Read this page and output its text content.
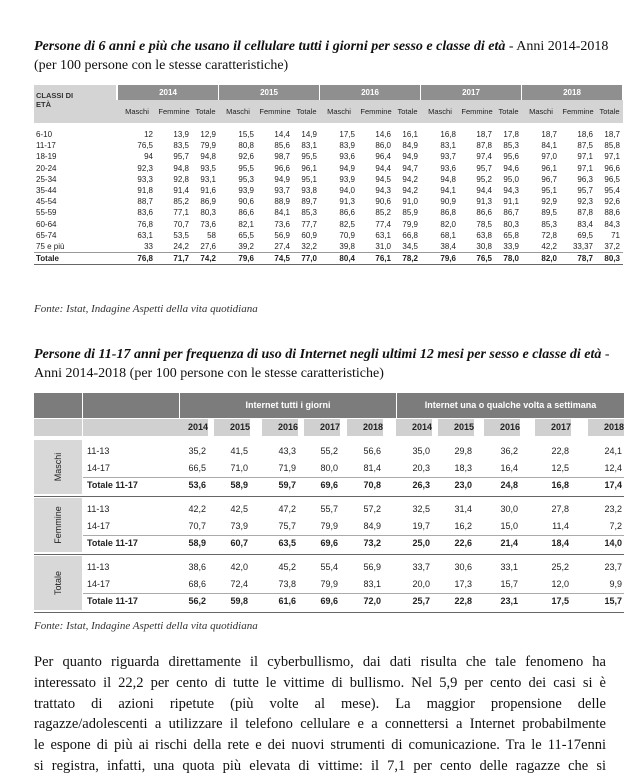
Persone di 6 anni e più che usano il cellulare tutti i giorni per sesso e classe di età - Anni 2014-2018 (per 100 persone con le stesse caratteristiche)
CLASSI DI ETÀ
2014
Maschi	Femmine Totale
2015
Maschi	Femmine Totale
2016
Maschi	Femmine Totale
2017
Maschi	Femmine Totale
2018
Maschi	Femmine Totale
6-10	12	13,9	12,9	15,5	14,4	14,9	17,5	14,6	16,1	16,8	18,7	17,8	18,7	18,6	18,7
11-17	76,5	83,5	79,9	80,8	85,6	83,1	83,9	86,0	84,9	83,1	87,8	85,3	84,1	87,5	85,8
18-19	94	95,7	94,8	92,6	98,7	95,5	93,6	96,4	94,9	93,7	97,4	95,6	97,0	97,1	97,1
20-24	92,3	94,8	93,5	95,5	96,6	96,1	94,9	94,4	94,7	93,6	95,7	94,6	96,1	97,1	96,6
25-34	93,3	92,8	93,1	95,3	94,9	95,1	93,9	94,5	94,2	94,8	95,2	95,0	96,7	96,3	96,5
35-44	91,8	91,4	91,6	93,9	93,7	93,8	94,0	94,3	94,2	94,1	94,4	94,3	95,1	95,7	95,4
45-54	88,7	85,2	86,9	90,6	88,9	89,7	91,3	90,6	91,0	90,9	91,3	91,1	92,9	92,3	92,6
55-59	83,6	77,1	80,3	86,6	84,1	85,3	86,6	85,2	85,9	86,8	86,6	86,7	89,5	87,8	88,6
60-64	76,8	70,7	73,6	82,1	73,6	77,7	82,5	77,4	79,9	82,0	78,5	80,3	85,3	83,4	84,3
65-74	63,1	53,5	58	65,5	56,9	60,9	70,9	63,1	66,8	68,1	63,8	65,8	72,8	69,5	71
75 e più	33	24,2	27,6	39,2	27,4	32,2	39,8	31,0	34,5	38,4	30,8	33,9	42,2	33,37	37,2
Totale	76,8	71,7	74,2	79,6	74,5	77,0	80,4	76,1	78,2	79,6	76,5	78,0	82,0	78,7	80,3
Fonte: Istat, Indagine Aspetti della vita quotidiana
Persone di 11-17 anni per frequenza di uso di Internet negli ultimi 12 mesi per sesso e classe di età - Anni 2014-2018 (per 100 persone con le stesse caratteristiche)
Internet tutti i giorni	Internet una o qualche volta a settimana
2014	2015	2016	2017	2018	2014	2015	2016	2017	2018
Maschi
11-13	35,2	41,5	43,3	55,2	56,6	35,0	29,8	36,2	22,8	24,1
14-17	66,5	71,0	71,9	80,0	81,4	20,3	18,3	16,4	12,5	12,4
Totale 11-17	53,6	58,9	59,7	69,6	70,8	26,3	23,0	24,8	16,8	17,4
Femmine	11-13	42,2	42,5	47,2	55,7	57,2	32,5	31,4	30,0	27,8	23,2
14-17	70,7	73,9	75,7	79,9	84,9	19,7	16,2	15,0	11,4	7,2
Totale 11-17	58,9	60,7	63,5	69,6	73,2	25,0	22,6	21,4	18,4	14,0
Totale
11-13	38,6	42,0	45,2	55,4	56,9	33,7	30,6	33,1	25,2	23,7
14-17	68,6	72,4	73,8	79,9	83,1	20,0	17,3	15,7	12,0	9,9
Totale 11-17	56,2	59,8	61,6	69,6	72,0	25,7	22,8	23,1	17,5	15,7
Fonte: Istat, Indagine Aspetti della vita quotidiana

Per quanto riguarda direttamente il cyberbullismo, dai dati risulta che tale fenomeno ha

interessato il 22,2 per cento di tutte le vittime di bullismo. Nel 5,9 per cento dei casi si è

trattato di azioni ripetute (più volte al mese). La maggior propensione delle

ragazze/adolescenti a utilizzare il telefono cellulare e a connettersi a Internet probabilmente

le espone di più ai rischi della rete e dei nuovi strumenti di comunicazione. Tra le 11-17enni

si registra, infatti, una quota più elevata di vittime: il 7,1 per cento delle ragazze che si
